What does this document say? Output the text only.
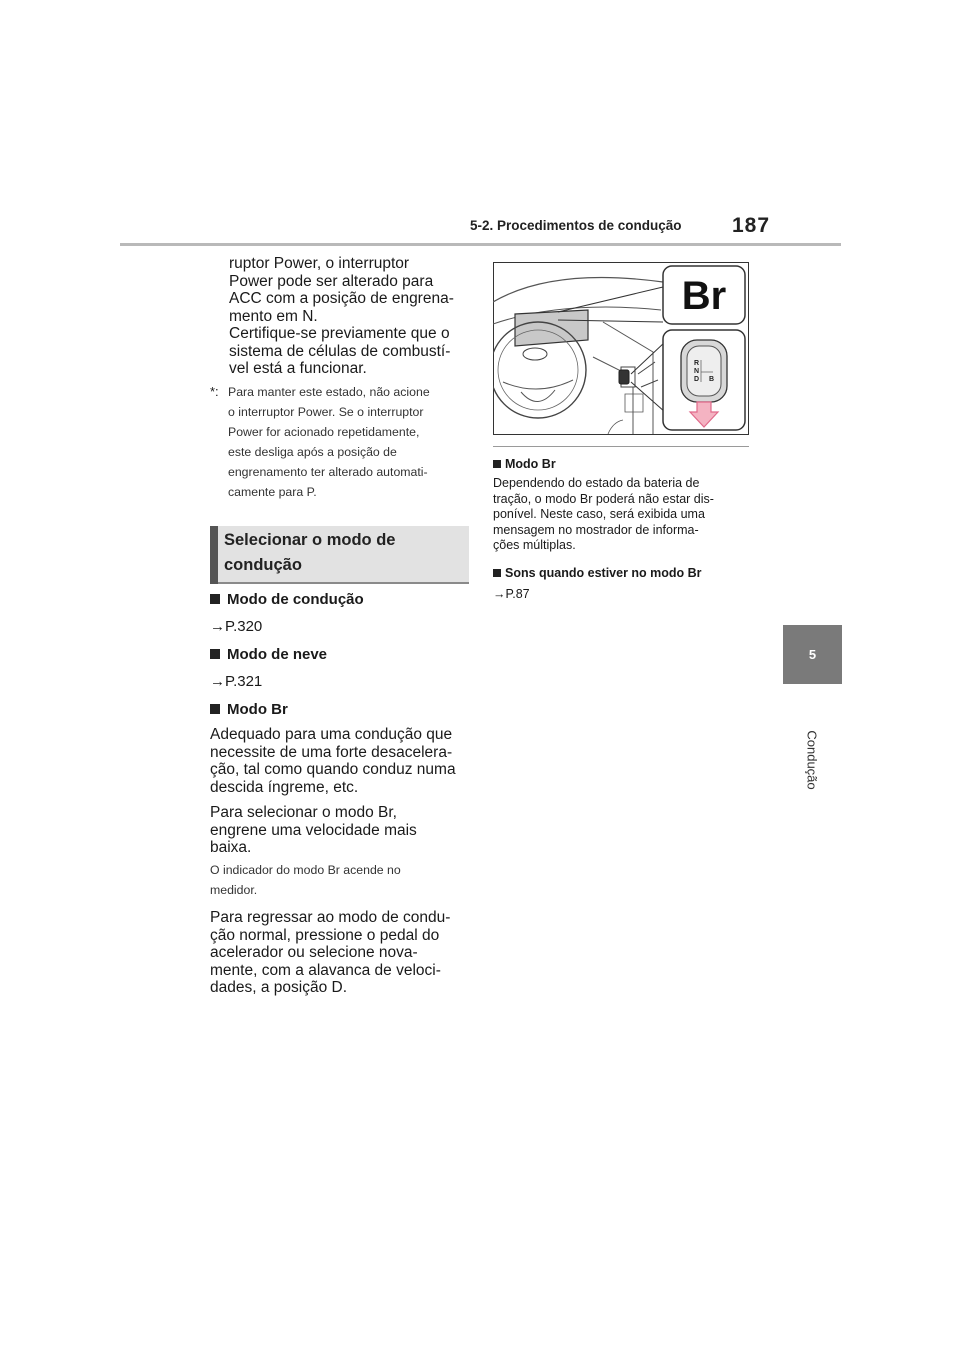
5-2. Procedimentos de condução 187
5
Condução
ruptor Power, o interruptor
Power pode ser alterado para
ACC com a posição de engrena-
mento em N.
Certifique-se previamente que o
sistema de células de combustí-
vel está a funcionar.
*: Para manter este estado, não acione
o interruptor Power. Se o interruptor
Power for acionado repetidamente,
este desliga após a posição de
engrenamento ter alterado automati-
camente para P.
Selecionar o modo de
condução
Modo de condução
→P.320
Modo de neve
→P.321
Modo Br
Adequado para uma condução que
necessite de uma forte desacelera-
ção, tal como quando conduz numa
descida íngreme, etc.
Para selecionar o modo Br,
engrene uma velocidade mais
baixa.
O indicador do modo Br acende no
medidor.
Para regressar ao modo de condu-
ção normal, pressione o pedal do
acelerador ou selecione nova-
mente, com a alavanca de veloci-
dades, a posição D.
Br
R
N
D B
Modo Br
Dependendo do estado da bateria de
tração, o modo Br poderá não estar dis-
ponível. Neste caso, será exibida uma
mensagem no mostrador de informa-
ções múltiplas.
Sons quando estiver no modo Br
→P.87
